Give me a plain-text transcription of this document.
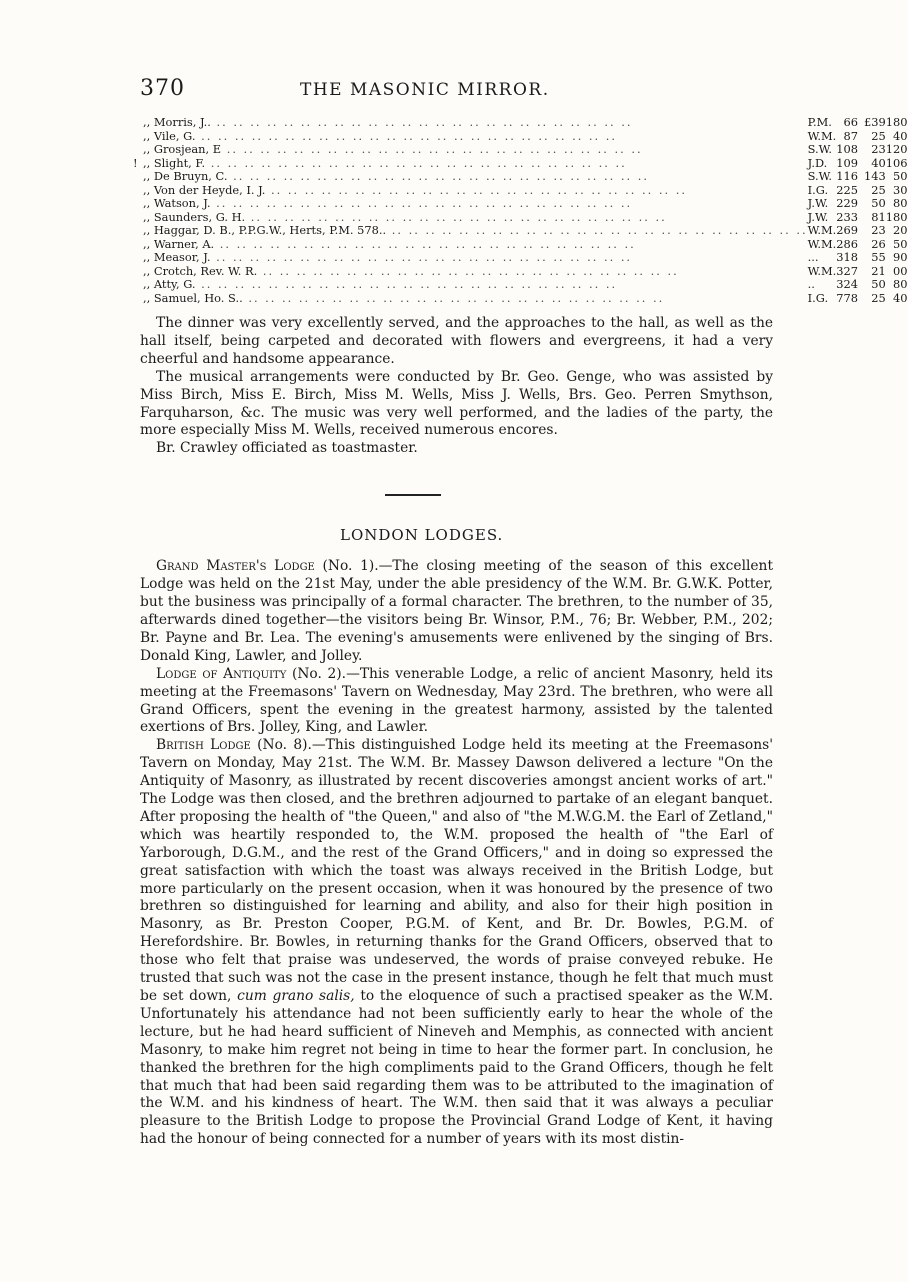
370	THE MASONIC MIRROR.
,, Morris, J.. .. .. .. .. .. .. .. .. .. .. .. .. .. .. .. .. .. .. .. .. .. .. .. .. ..	P.M.	66	£39	18	0
,, Vile, G. .. .. .. .. .. .. .. .. .. .. .. .. .. .. .. .. .. .. .. .. .. .. .. .. ..	W.M.	87	25	4	0
,, Grosjean, E .. .. .. .. .. .. .. .. .. .. .. .. .. .. .. .. .. .. .. .. .. .. .. .. ..	S.W.	108	23	12	0
! ,, Slight, F. .. .. .. .. .. .. .. .. .. .. .. .. .. .. .. .. .. .. .. .. .. .. .. .. ..	J.D.	109	40	10	6
,, De Bruyn, C. .. .. .. .. .. .. .. .. .. .. .. .. .. .. .. .. .. .. .. .. .. .. .. .. ..	S.W.	116	143	5	0
,, Von der Heyde, I. J. .. .. .. .. .. .. .. .. .. .. .. .. .. .. .. .. .. .. .. .. .. .. .. .. ..	I.G.	225	25	3	0
,, Watson, J. .. .. .. .. .. .. .. .. .. .. .. .. .. .. .. .. .. .. .. .. .. .. .. .. ..	J.W.	229	50	8	0
,, Saunders, G. H. .. .. .. .. .. .. .. .. .. .. .. .. .. .. .. .. .. .. .. .. .. .. .. .. ..	J.W.	233	81	18	0
,, Haggar, D. B., P.P.G.W., Herts, P.M. 578.. .. .. .. .. .. .. .. .. .. .. .. .. .. .. .. .. .. .. .. .. .. .. .. .. ..	W.M.	269	23	2	0
,, Warner, A. .. .. .. .. .. .. .. .. .. .. .. .. .. .. .. .. .. .. .. .. .. .. .. .. ..	W.M.	286	26	5	0
,, Measor, J. .. .. .. .. .. .. .. .. .. .. .. .. .. .. .. .. .. .. .. .. .. .. .. .. ..	...	318	55	9	0
,, Crotch, Rev. W. R. .. .. .. .. .. .. .. .. .. .. .. .. .. .. .. .. .. .. .. .. .. .. .. .. ..	W.M.	327	21	0	0
,, Atty, G. .. .. .. .. .. .. .. .. .. .. .. .. .. .. .. .. .. .. .. .. .. .. .. .. ..	..	324	50	8	0
,, Samuel, Ho. S.. .. .. .. .. .. .. .. .. .. .. .. .. .. .. .. .. .. .. .. .. .. .. .. .. ..	I.G.	778	25	4	0

The dinner was very excellently served, and the approaches to the hall, as well as the hall itself, being carpeted and decorated with flowers and evergreens, it had a very cheerful and handsome appearance.

The musical arrangements were conducted by Br. Geo. Genge, who was assisted by Miss Birch, Miss E. Birch, Miss M. Wells, Miss J. Wells, Brs. Geo. Perren Smythson, Farquharson, &c. The music was very well performed, and the ladies of the party, the more especially Miss M. Wells, received numerous encores.

Br. Crawley officiated as toastmaster.

LONDON LODGES.

Grand Master's Lodge (No. 1).—The closing meeting of the season of this excellent Lodge was held on the 21st May, under the able presidency of the W.M. Br. G.W.K. Potter, but the business was principally of a formal character. The brethren, to the number of 35, afterwards dined together—the visitors being Br. Winsor, P.M., 76; Br. Webber, P.M., 202; Br. Payne and Br. Lea. The evening's amusements were enlivened by the singing of Brs. Donald King, Lawler, and Jolley.

Lodge of Antiquity (No. 2).—This venerable Lodge, a relic of ancient Masonry, held its meeting at the Freemasons' Tavern on Wednesday, May 23rd. The brethren, who were all Grand Officers, spent the evening in the greatest harmony, assisted by the talented exertions of Brs. Jolley, King, and Lawler.

British Lodge (No. 8).—This distinguished Lodge held its meeting at the Freemasons' Tavern on Monday, May 21st. The W.M. Br. Massey Dawson delivered a lecture "On the Antiquity of Masonry, as illustrated by recent discoveries amongst ancient works of art." The Lodge was then closed, and the brethren adjourned to partake of an elegant banquet. After proposing the health of "the Queen," and also of "the M.W.G.M. the Earl of Zetland," which was heartily responded to, the W.M. proposed the health of "the Earl of Yarborough, D.G.M., and the rest of the Grand Officers," and in doing so expressed the great satisfaction with which the toast was always received in the British Lodge, but more particularly on the present occasion, when it was honoured by the presence of two brethren so distinguished for learning and ability, and also for their high position in Masonry, as Br. Preston Cooper, P.G.M. of Kent, and Br. Dr. Bowles, P.G.M. of Herefordshire. Br. Bowles, in returning thanks for the Grand Officers, observed that to those who felt that praise was undeserved, the words of praise conveyed rebuke. He trusted that such was not the case in the present instance, though he felt that much must be set down, cum grano salis, to the eloquence of such a practised speaker as the W.M. Unfortunately his attendance had not been sufficiently early to hear the whole of the lecture, but he had heard sufficient of Nineveh and Memphis, as connected with ancient Masonry, to make him regret not being in time to hear the former part. In conclusion, he thanked the brethren for the high compliments paid to the Grand Officers, though he felt that much that had been said regarding them was to be attributed to the imagination of the W.M. and his kindness of heart. The W.M. then said that it was always a peculiar pleasure to the British Lodge to propose the Provincial Grand Lodge of Kent, it having had the honour of being connected for a number of years with its most distin-
